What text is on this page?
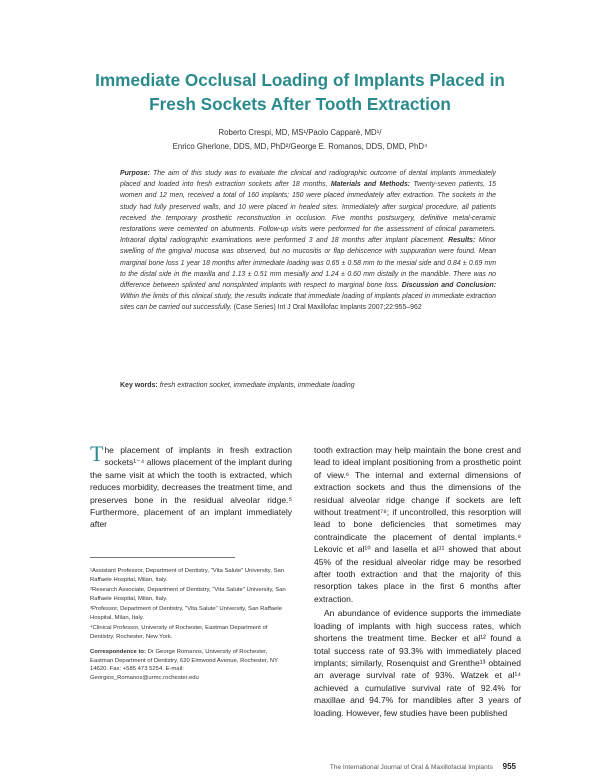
Immediate Occlusal Loading of Implants Placed in
Fresh Sockets After Tooth Extraction
Roberto Crespi, MD, MS¹/Paolo Capparè, MD¹/
Enrico Gherlone, DDS, MD, PhD²/George E. Romanos, DDS, DMD, PhD⁴
Purpose: The aim of this study was to evaluate the clinical and radiographic outcome of dental implants immediately placed and loaded into fresh extraction sockets after 18 months. Materials and Methods: Twenty-seven patients, 15 women and 12 men, received a total of 160 implants; 150 were placed immediately after extraction. The sockets in the study had fully preserved walls, and 10 were placed in healed sites. Immediately after surgical procedure, all patients received the temporary prosthetic reconstruction in occlusion. Five months postsurgery, definitive metal-ceramic restorations were cemented on abutments. Follow-up visits were performed for the assessment of clinical parameters. Intraoral digital radiographic examinations were performed 3 and 18 months after implant placement. Results: Minor swelling of the gingival mucosa was observed, but no mucositis or flap dehiscence with suppuration were found. Mean marginal bone loss 1 year 18 months after immediate loading was 0.65 ± 0.58 mm to the mesial side and 0.84 ± 0.69 mm to the distal side in the maxilla and 1.13 ± 0.51 mm mesially and 1.24 ± 0.60 mm distally in the mandible. There was no difference between splinted and nonsplinted implants with respect to marginal bone loss. Discussion and Conclusion: Within the limits of this clinical study, the results indicate that immediate loading of implants placed in immediate extraction sites can be carried out successfully. (Case Series) Int J Oral Maxillofac Implants 2007;22:955–962
Key words: fresh extraction socket, immediate implants, immediate loading

The placement of implants in fresh extraction sockets¹⁻⁴ allows placement of the implant during the same visit at which the tooth is extracted, which reduces morbidity, decreases the treatment time, and preserves bone in the residual alveolar ridge.⁵ Furthermore, placement of an implant immediately after

¹Assistant Professor, Department of Dentistry, "Vita Salute" University, San Raffaele Hospital, Milan, Italy.

²Research Associate, Department of Dentistry, "Vita Salute" University, San Raffaele Hospital, Milan, Italy.

³Professor, Department of Dentistry, "Vita Salute" University, San Raffaele Hospital, Milan, Italy.

⁴Clinical Professor, University of Rochester, Eastman Department of Dentistry, Rochester, New York.

Correspondence to: Dr George Romanos, University of Rochester, Eastman Department of Dentistry, 620 Elmwood Avenue, Rochester, NY 14620. Fax: +585 473 5254. E-mail: Georgios_Romanos@urmc.rochester.edu

tooth extraction may help maintain the bone crest and lead to ideal implant positioning from a prosthetic point of view.⁶ The internal and external dimensions of extraction sockets and thus the dimensions of the residual alveolar ridge change if sockets are left without treatment⁷⁸; if uncontrolled, this resorption will lead to bone deficiencies that sometimes may contraindicate the placement of dental implants.⁹ Lekovic et al¹⁰ and Iasella et al¹¹ showed that about 45% of the residual alveolar ridge may be resorbed after tooth extraction and that the majority of this resorption takes place in the first 6 months after extraction.

An abundance of evidence supports the immediate loading of implants with high success rates, which shortens the treatment time. Becker et al¹² found a total success rate of 93.3% with immediately placed implants; similarly, Rosenquist and Grenthe¹³ obtained an average survival rate of 93%. Watzek et al¹⁴ achieved a cumulative survival rate of 92.4% for maxillae and 94.7% for mandibles after 3 years of loading. However, few studies have been published

The International Journal of Oral & Maxillofacial Implants 955
